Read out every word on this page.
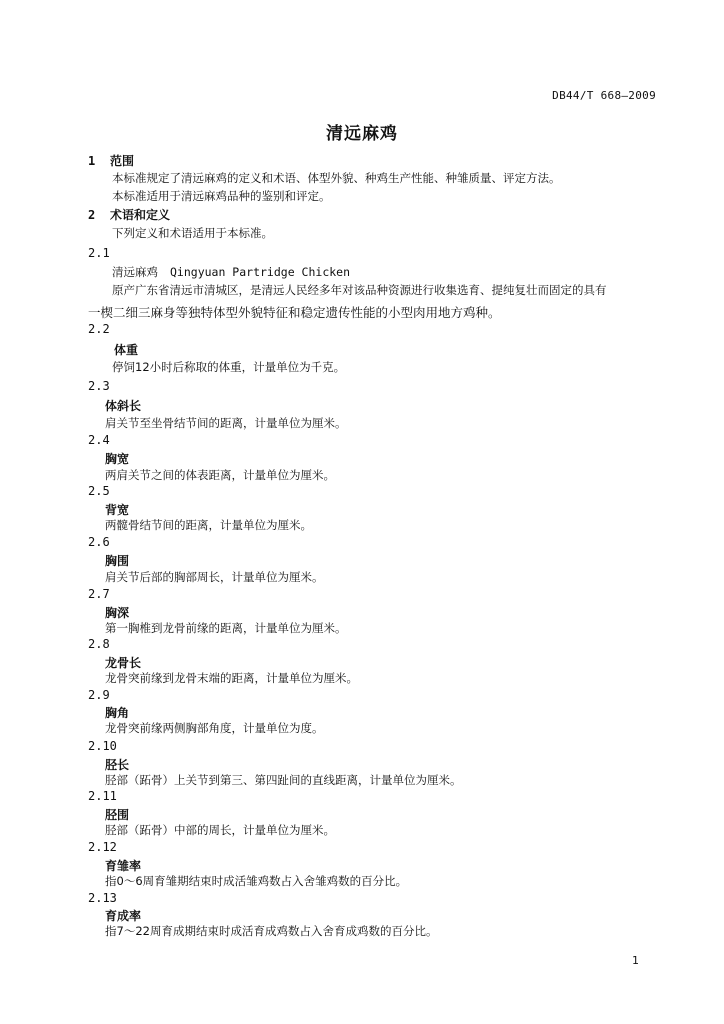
DB44/T 668—2009
清远麻鸡
1 范围
本标准规定了清远麻鸡的定义和术语、体型外貌、种鸡生产性能、种雏质量、评定方法。
本标准适用于清远麻鸡品种的鉴别和评定。
2 术语和定义
下列定义和术语适用于本标准。
2.1
清远麻鸡 Qingyuan Partridge Chicken
原产广东省清远市清城区，是清远人民经多年对该品种资源进行收集选育、提纯复壮而固定的具有
一楔二细三麻身等独特体型外貌特征和稳定遗传性能的小型肉用地方鸡种。
2.2
体重
停饲12小时后称取的体重，计量单位为千克。
2.3
体斜长
肩关节至坐骨结节间的距离，计量单位为厘米。
2.4
胸宽
两肩关节之间的体表距离，计量单位为厘米。
2.5
背宽
两髋骨结节间的距离，计量单位为厘米。
2.6
胸围
肩关节后部的胸部周长，计量单位为厘米。
2.7
胸深
第一胸椎到龙骨前缘的距离，计量单位为厘米。
2.8
龙骨长
龙骨突前缘到龙骨末端的距离，计量单位为厘米。
2.9
胸角
龙骨突前缘两侧胸部角度，计量单位为度。
2.10
胫长
胫部（跖骨）上关节到第三、第四趾间的直线距离，计量单位为厘米。
2.11
胫围
胫部（跖骨）中部的周长，计量单位为厘米。
2.12
育雏率
指0～6周育雏期结束时成活雏鸡数占入舍雏鸡数的百分比。
2.13
育成率
指7～22周育成期结束时成活育成鸡数占入舍育成鸡数的百分比。
1
